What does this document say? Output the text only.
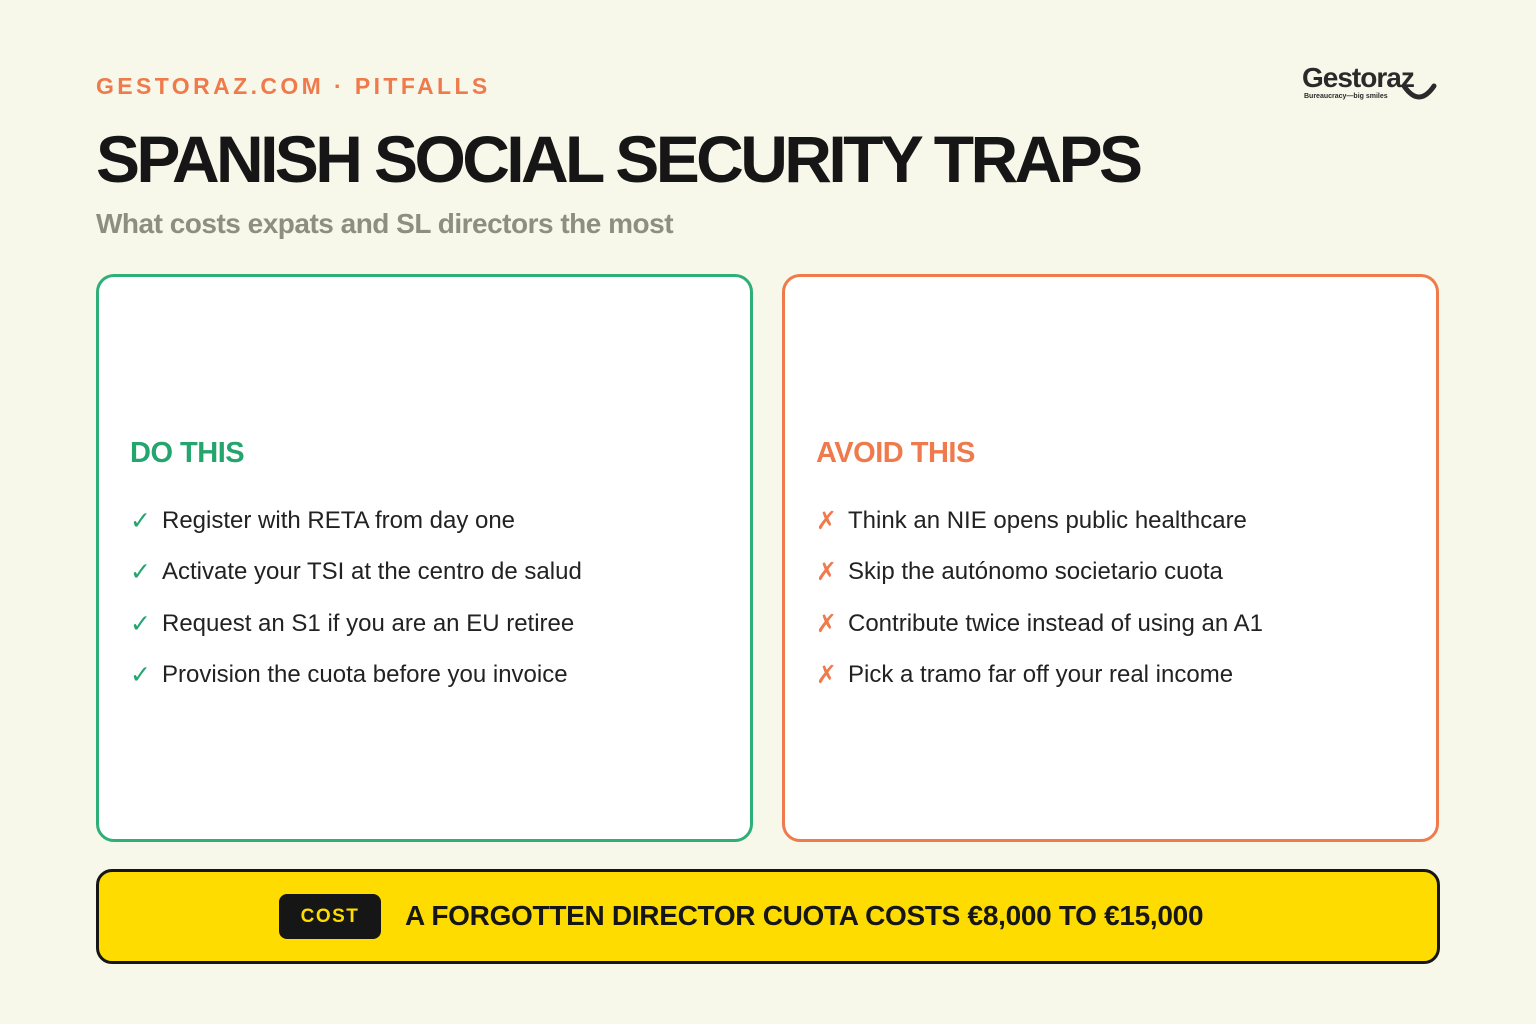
GESTORAZ.COM · PITFALLS	Gestoraz
Bureaucracy—big smiles
SPANISH SOCIAL SECURITY TRAPS
What costs expats and SL directors the most
DO THIS
✓ Register with RETA from day one
✓ Activate your TSI at the centro de salud
✓ Request an S1 if you are an EU retiree
✓ Provision the cuota before you invoice
AVOID THIS
✗ Think an NIE opens public healthcare
✗ Skip the autónomo societario cuota
✗ Contribute twice instead of using an A1
✗ Pick a tramo far off your real income
COST	A FORGOTTEN DIRECTOR CUOTA COSTS €8,000 TO €15,000
